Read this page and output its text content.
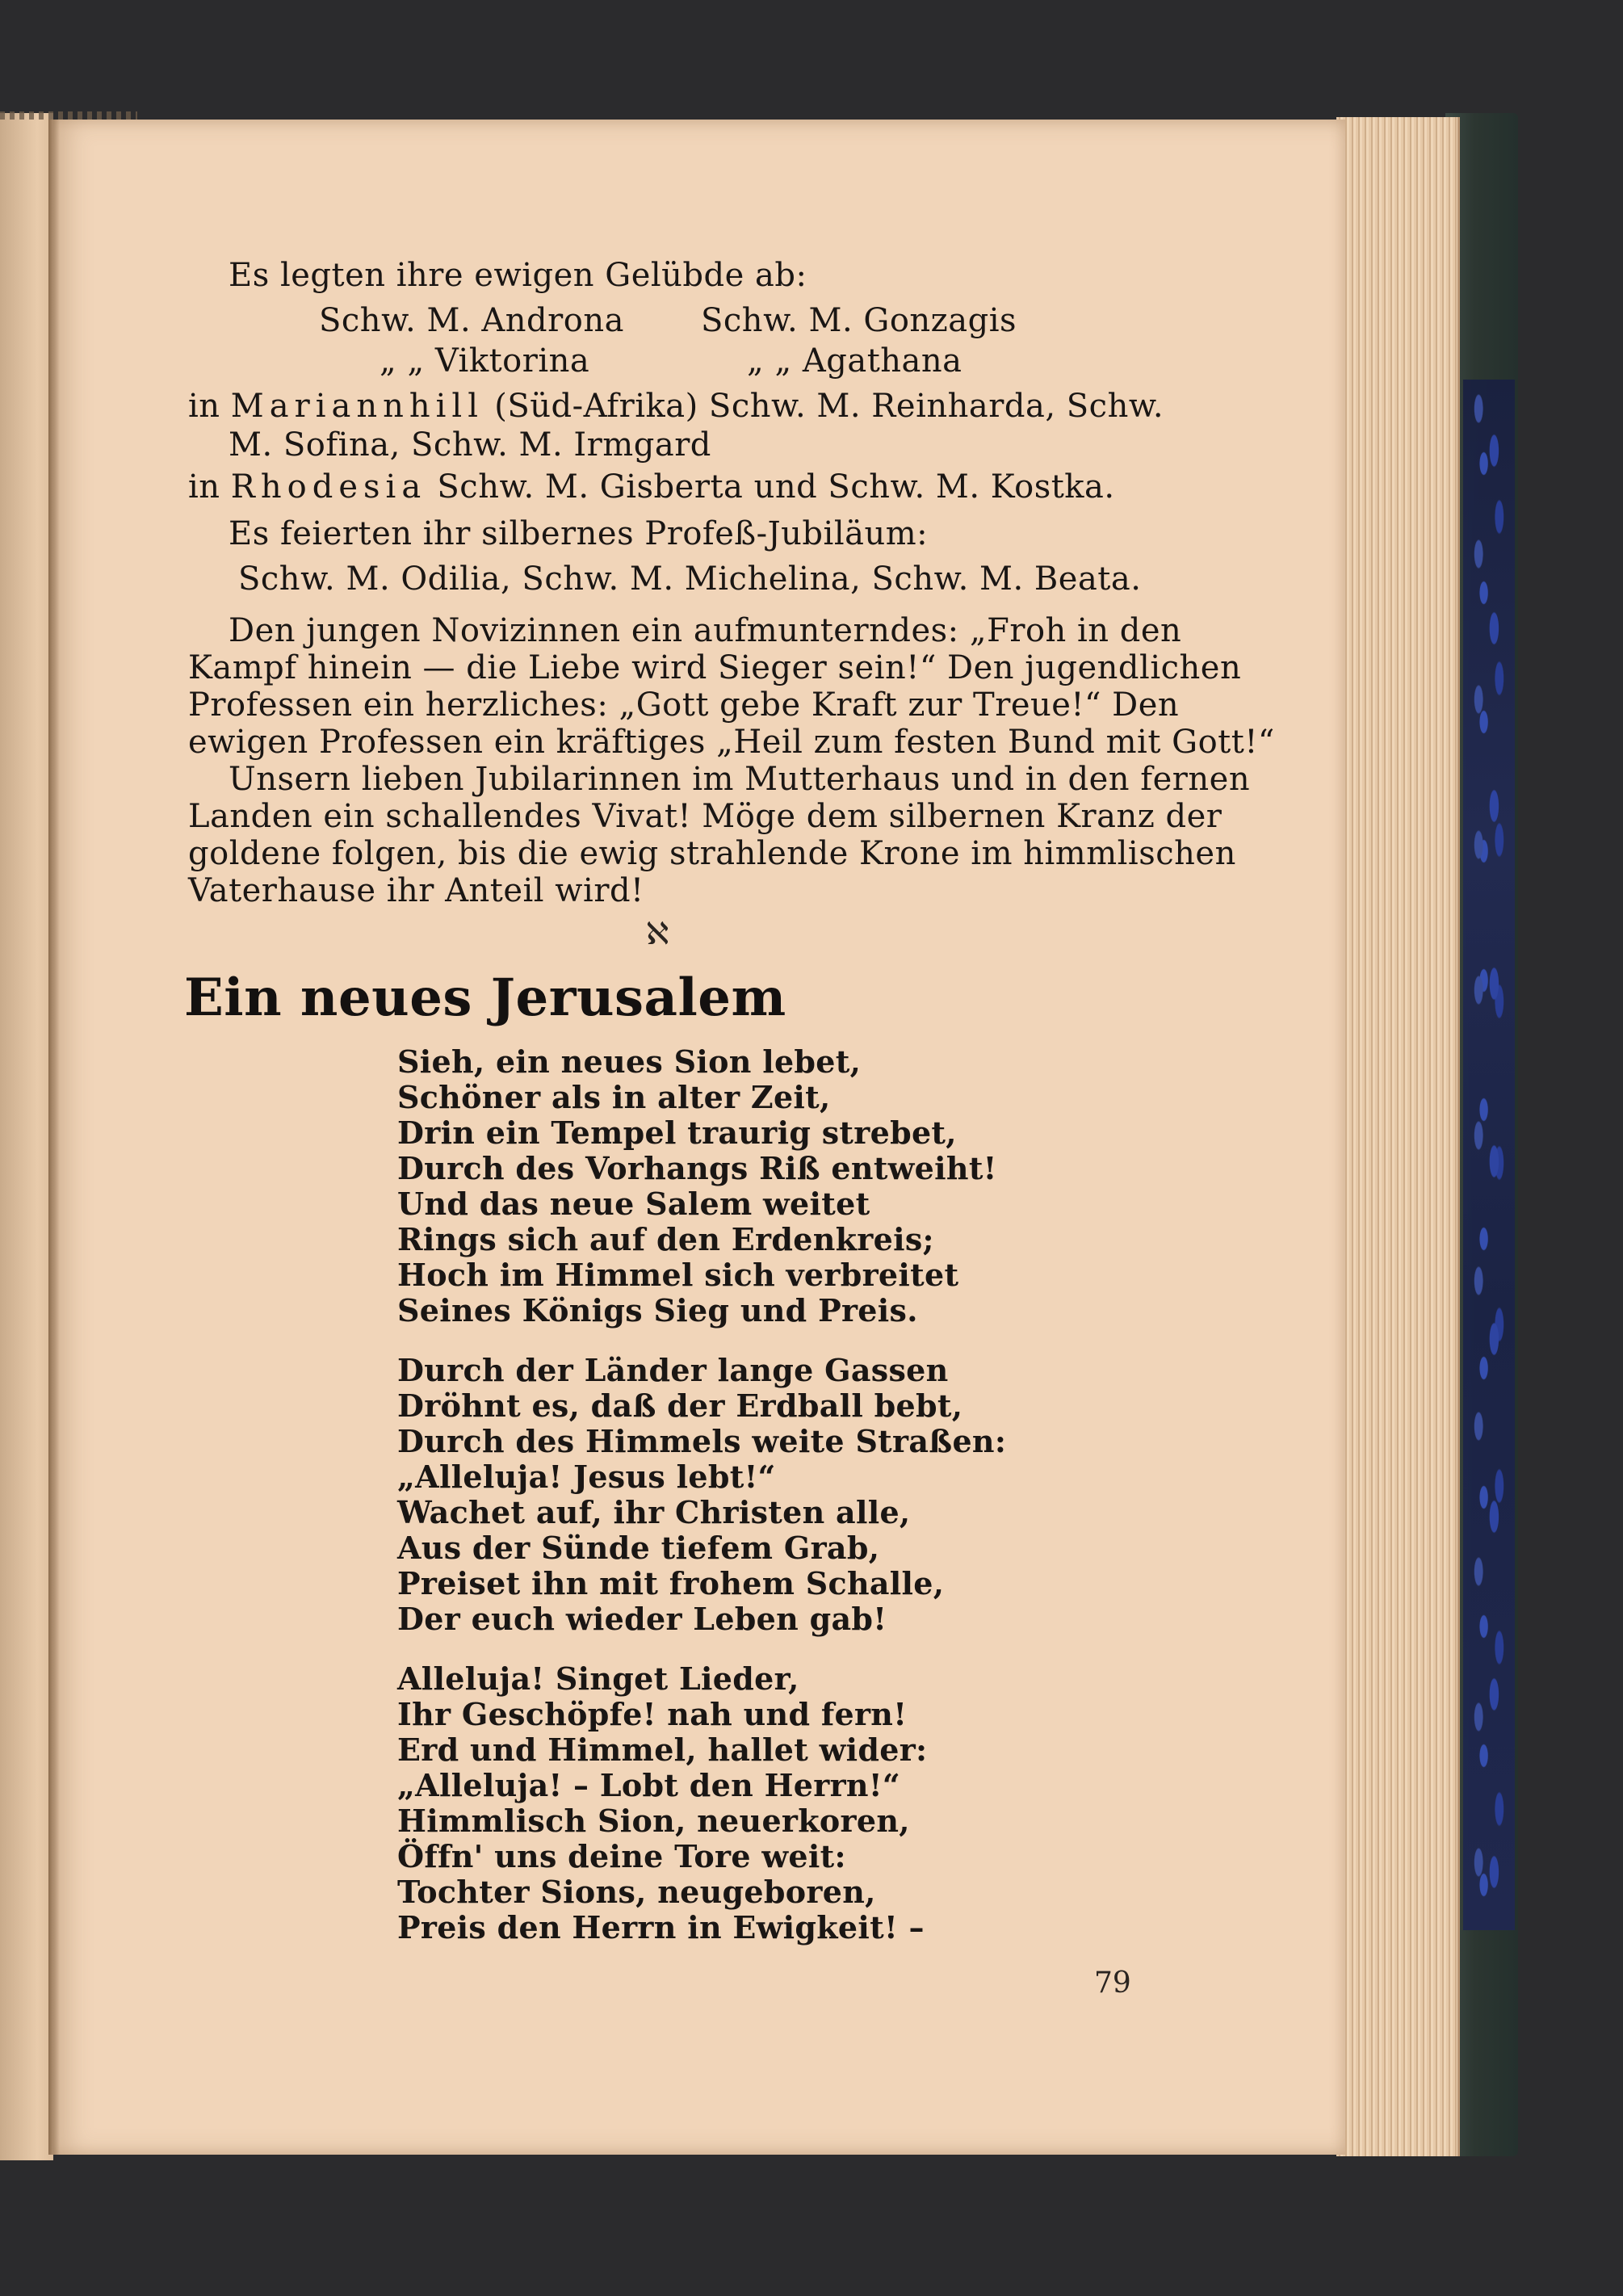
Es legten ihre ewigen Gelübde ab:
Schw. M. Androna Schw. M. Gonzagis
„ „ Viktorina	„ „ Agathana
in Mariannhill (Süd-Afrika) Schw. M. Reinharda, Schw.
M. Sofina, Schw. M. Irmgard
in Rhodesia Schw. M. Gisberta und Schw. M. Kostka.
Es feierten ihr silbernes Profeß-Jubiläum:
Schw. M. Odilia, Schw. M. Michelina, Schw. M. Beata.
Den jungen Novizinnen ein aufmunterndes: „Froh in den
Kampf hinein — die Liebe wird Sieger sein!“ Den jugendlichen
Professen ein herzliches: „Gott gebe Kraft zur Treue!“ Den
ewigen Professen ein kräftiges „Heil zum festen Bund mit Gott!“
Unsern lieben Jubilarinnen im Mutterhaus und in den fernen
Landen ein schallendes Vivat! Möge dem silbernen Kranz der
goldene folgen, bis die ewig strahlende Krone im himmlischen
Vaterhause ihr Anteil wird!
ℵ
Ein neues Jerusalem
Sieh, ein neues Sion lebet,
Schöner als in alter Zeit,
Drin ein Tempel traurig strebet,
Durch des Vorhangs Riß entweiht!
Und das neue Salem weitet
Rings sich auf den Erdenkreis;
Hoch im Himmel sich verbreitet
Seines Königs Sieg und Preis.
Durch der Länder lange Gassen
Dröhnt es, daß der Erdball bebt,
Durch des Himmels weite Straßen:
„Alleluja! Jesus lebt!“
Wachet auf, ihr Christen alle,
Aus der Sünde tiefem Grab,
Preiset ihn mit frohem Schalle,
Der euch wieder Leben gab!
Alleluja! Singet Lieder,
Ihr Geschöpfe! nah und fern!
Erd und Himmel, hallet wider:
„Alleluja! – Lobt den Herrn!“
Himmlisch Sion, neuerkoren,
Öffn' uns deine Tore weit:
Tochter Sions, neugeboren,
Preis den Herrn in Ewigkeit! –
79
